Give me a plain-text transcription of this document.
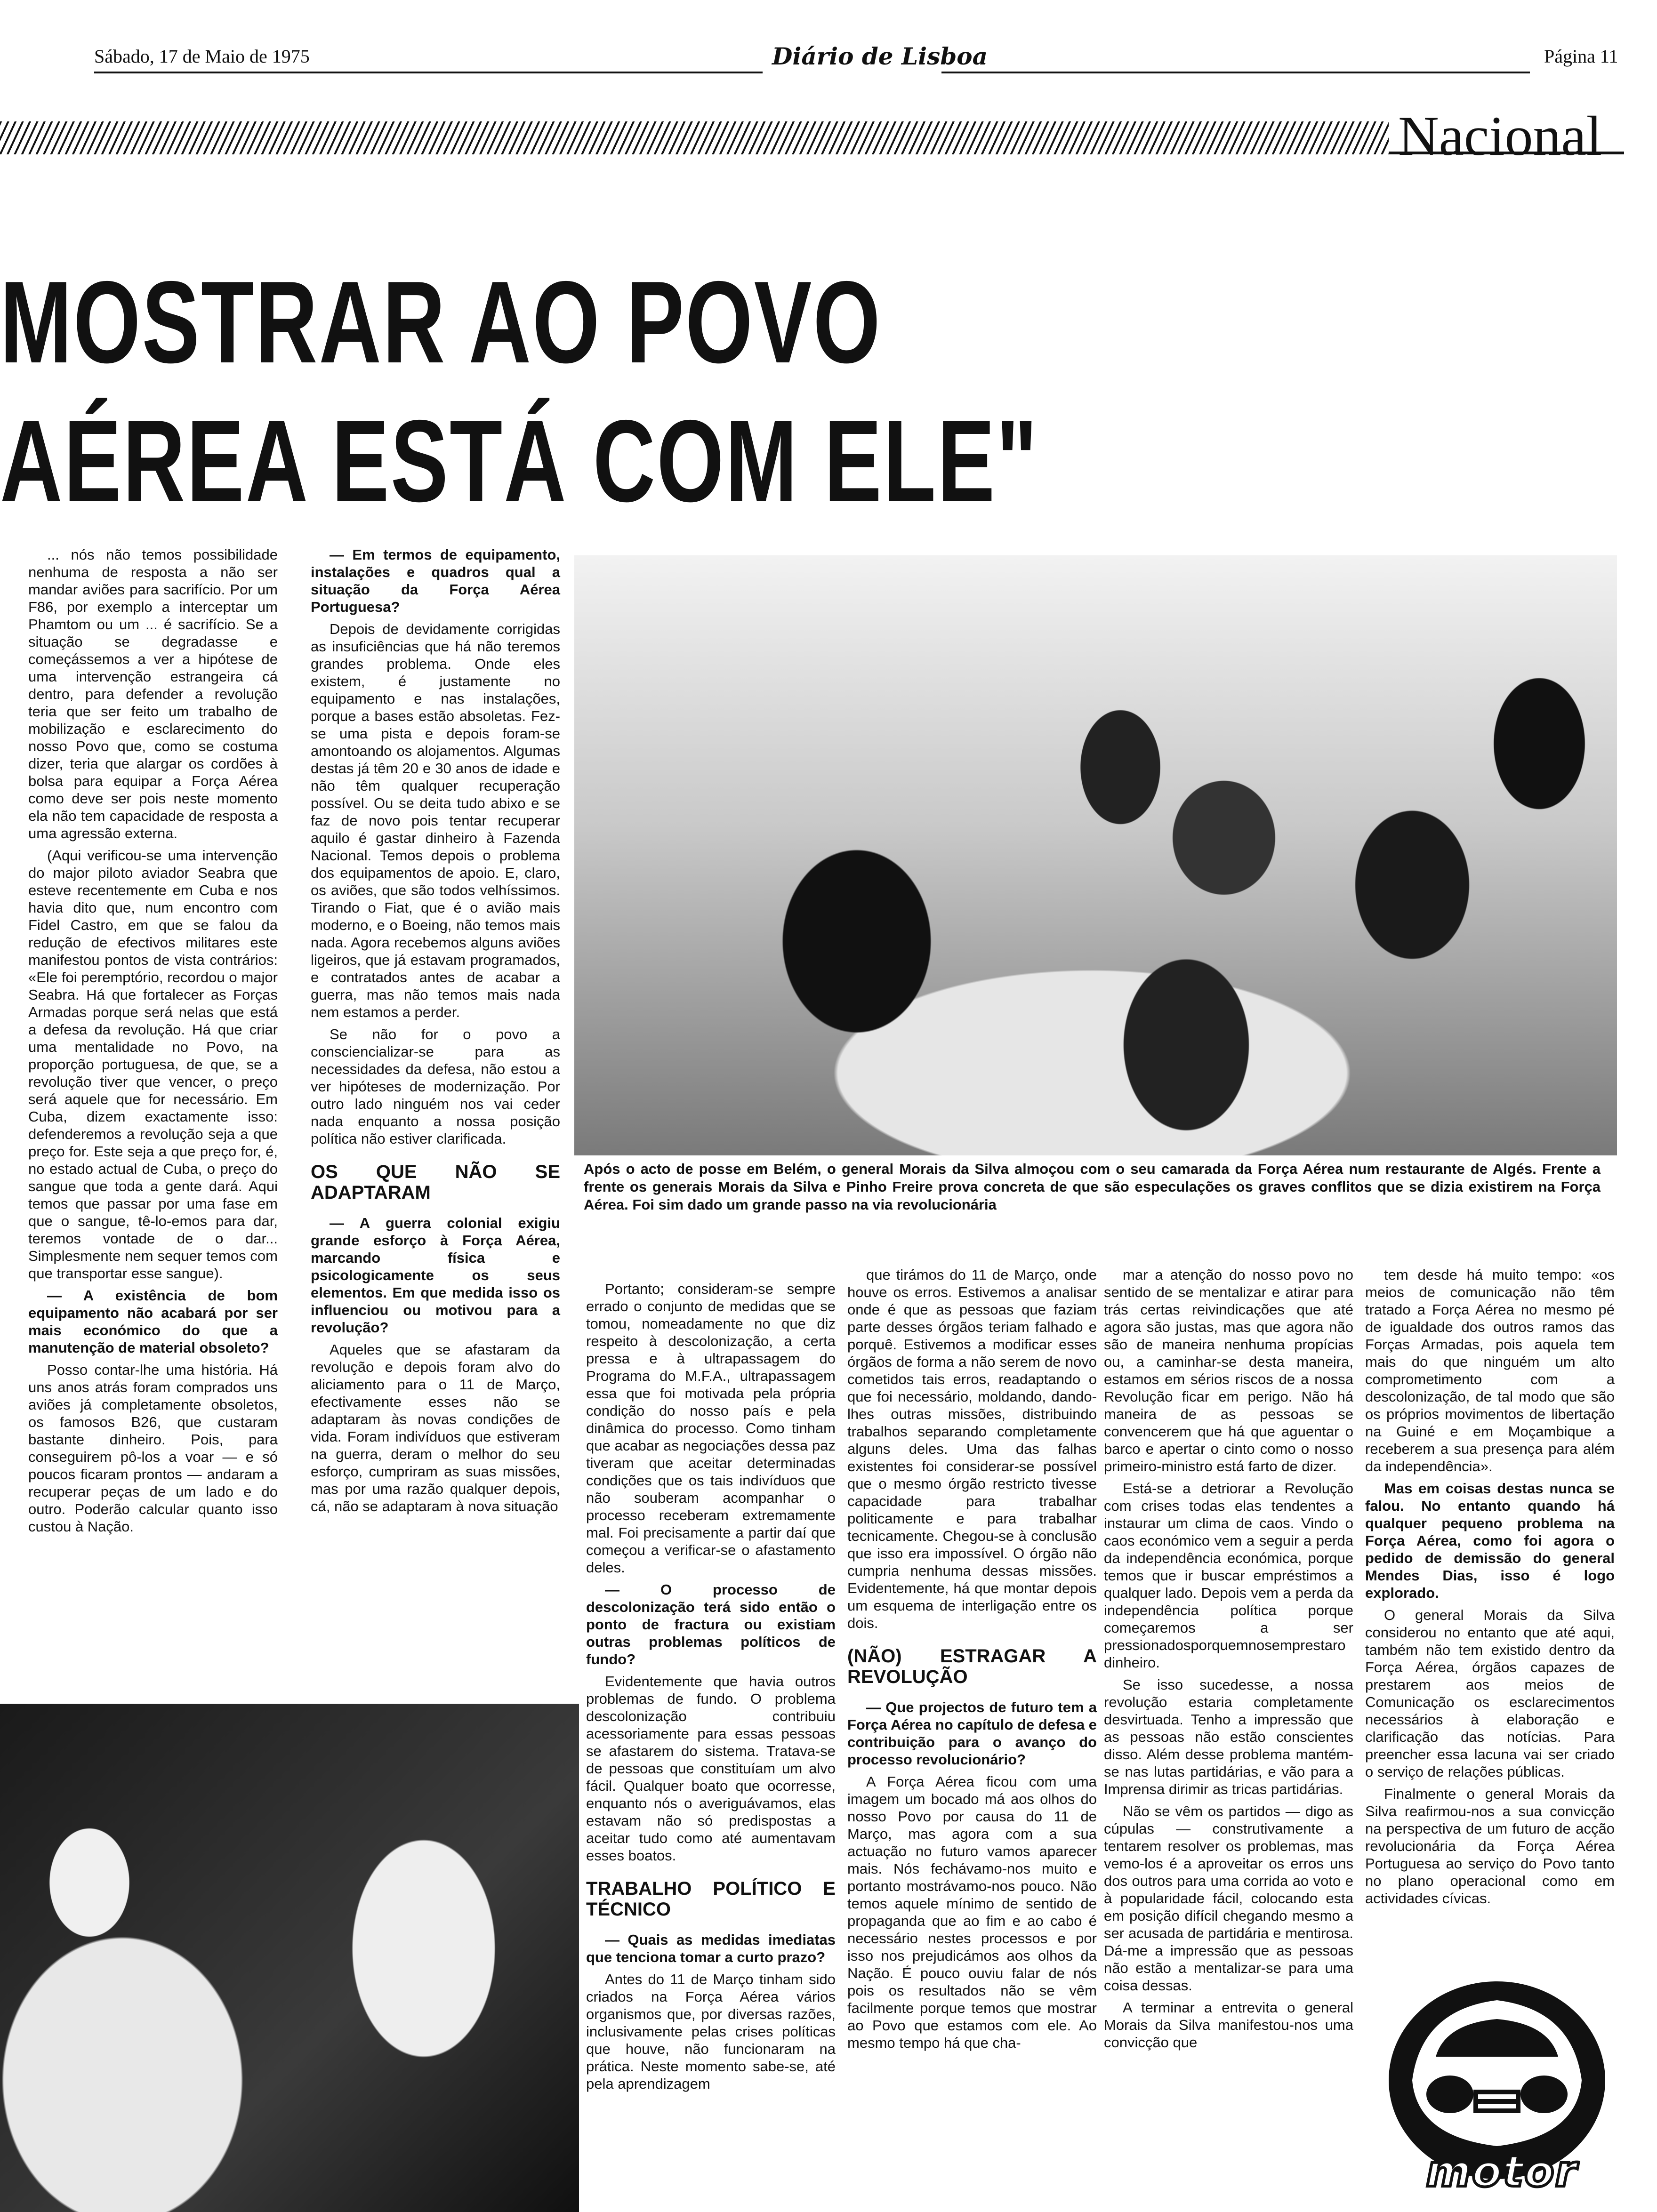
Sábado, 17 de Maio de 1975	Diário de Lisboa	Página 11
Nacional
MOSTRAR AO POVO
AÉREA ESTÁ COM ELE"

... nós não temos possibilidade nenhuma de resposta a não ser mandar aviões para sacrifício. Por um F86, por exemplo a interceptar um Phamtom ou um ... é sacrifício. Se a situação se degradasse e começássemos a ver a hipótese de uma intervenção estrangeira cá dentro, para defender a revolução teria que ser feito um trabalho de mobilização e esclarecimento do nosso Povo que, como se costuma dizer, teria que alargar os cordões à bolsa para equipar a Força Aérea como deve ser pois neste momento ela não tem capacidade de resposta a uma agressão externa.

(Aqui verificou-se uma intervenção do major piloto aviador Seabra que esteve recentemente em Cuba e nos havia dito que, num encontro com Fidel Castro, em que se falou da redução de efectivos militares este manifestou pontos de vista contrários: «Ele foi peremptório, recordou o major Seabra. Há que fortalecer as Forças Armadas porque será nelas que está a defesa da revolução. Há que criar uma mentalidade no Povo, na proporção portuguesa, de que, se a revolução tiver que vencer, o preço será aquele que for necessário. Em Cuba, dizem exactamente isso: defenderemos a revolução seja a que preço for. Este seja a que preço for, é, no estado actual de Cuba, o preço do sangue que toda a gente dará. Aqui temos que passar por uma fase em que o sangue, tê-lo-emos para dar, teremos vontade de o dar... Simplesmente nem sequer temos com que transportar esse sangue).

— A existência de bom equipamento não acabará por ser mais económico do que a manutenção de material obsoleto?

Posso contar-lhe uma história. Há uns anos atrás foram comprados uns aviões já completamente obsoletos, os famosos B26, que custaram bastante dinheiro. Pois, para conseguirem pô-los a voar — e só poucos ficaram prontos — andaram a recuperar peças de um lado e do outro. Poderão calcular quanto isso custou à Nação.

— Em termos de equipamento, instalações e quadros qual a situação da Força Aérea Portuguesa?

Depois de devidamente corrigidas as insuficiências que há não teremos grandes problema. Onde eles existem, é justamente no equipamento e nas instalações, porque a bases estão absoletas. Fez-se uma pista e depois foram-se amontoando os alojamentos. Algumas destas já têm 20 e 30 anos de idade e não têm qualquer recuperação possível. Ou se deita tudo abixo e se faz de novo pois tentar recuperar aquilo é gastar dinheiro à Fazenda Nacional. Temos depois o problema dos equipamentos de apoio. E, claro, os aviões, que são todos velhíssimos. Tirando o Fiat, que é o avião mais moderno, e o Boeing, não temos mais nada. Agora recebemos alguns aviões ligeiros, que já estavam programados, e contratados antes de acabar a guerra, mas não temos mais nada nem estamos a perder.

Se não for o povo a consciencializar-se para as necessidades da defesa, não estou a ver hipóteses de modernização. Por outro lado ninguém nos vai ceder nada enquanto a nossa posição política não estiver clarificada.

OS QUE NÃO SE ADAPTARAM

— A guerra colonial exigiu grande esforço à Força Aérea, marcando física e psicologicamente os seus elementos. Em que medida isso os influenciou ou motivou para a revolução?

Aqueles que se afastaram da revolução e depois foram alvo do aliciamento para o 11 de Março, efectivamente esses não se adaptaram às novas condições de vida. Foram indivíduos que estiveram na guerra, deram o melhor do seu esforço, cumpriram as suas missões, mas por uma razão qualquer depois, cá, não se adaptaram à nova situação

Após o acto de posse em Belém, o general Morais da Silva almoçou com o seu camarada da Força Aérea num restaurante de Algés. Frente a frente os generais Morais da Silva e Pinho Freire prova concreta de que são especulações os graves conflitos que se dizia existirem na Força Aérea. Foi sim dado um grande passo na via revolucionária

Portanto; consideram-se sempre errado o conjunto de medidas que se tomou, nomeadamente no que diz respeito à descolonização, a certa pressa e à ultrapassagem do Programa do M.F.A., ultrapassagem essa que foi motivada pela própria condição do nosso país e pela dinâmica do processo. Como tinham que acabar as negociações dessa paz tiveram que aceitar determinadas condições que os tais indivíduos que não souberam acompanhar o processo receberam extremamente mal. Foi precisamente a partir daí que começou a verificar-se o afastamento deles.

— O processo de descolonização terá sido então o ponto de fractura ou existiam outras problemas políticos de fundo?

Evidentemente que havia outros problemas de fundo. O problema descolonização contribuiu acessoriamente para essas pessoas se afastarem do sistema. Tratava-se de pessoas que constituíam um alvo fácil. Qualquer boato que ocorresse, enquanto nós o averiguávamos, elas estavam não só predispostas a aceitar tudo como até aumentavam esses boatos.

TRABALHO POLÍTICO E TÉCNICO

— Quais as medidas imediatas que tenciona tomar a curto prazo?

Antes do 11 de Março tinham sido criados na Força Aérea vários organismos que, por diversas razões, inclusivamente pelas crises políticas que houve, não funcionaram na prática. Neste momento sabe-se, até pela aprendizagem

que tirámos do 11 de Março, onde houve os erros. Estivemos a analisar onde é que as pessoas que faziam parte desses órgãos teriam falhado e porquê. Estivemos a modificar esses órgãos de forma a não serem de novo cometidos tais erros, readaptando o que foi necessário, moldando, dando-lhes outras missões, distribuindo trabalhos separando completamente alguns deles. Uma das falhas existentes foi considerar-se possível que o mesmo órgão restricto tivesse capacidade para trabalhar politicamente e para trabalhar tecnicamente. Chegou-se à conclusão que isso era impossível. O órgão não cumpria nenhuma dessas missões. Evidentemente, há que montar depois um esquema de interligação entre os dois.

(NÃO) ESTRAGAR A REVOLUÇÃO

— Que projectos de futuro tem a Força Aérea no capítulo de defesa e contribuição para o avanço do processo revolucionário?

A Força Aérea ficou com uma imagem um bocado má aos olhos do nosso Povo por causa do 11 de Março, mas agora com a sua actuação no futuro vamos aparecer mais. Nós fechávamo-nos muito e portanto mostrávamo-nos pouco. Não temos aquele mínimo de sentido de propaganda que ao fim e ao cabo é necessário nestes processos e por isso nos prejudicámos aos olhos da Nação. É pouco ouviu falar de nós pois os resultados não se vêm facilmente porque temos que mostrar ao Povo que estamos com ele. Ao mesmo tempo há que cha-

mar a atenção do nosso povo no sentido de se mentalizar e atirar para trás certas reivindicações que até agora são justas, mas que agora não são de maneira nenhuma propícias ou, a caminhar-se desta maneira, estamos em sérios riscos de a nossa Revolução ficar em perigo. Não há maneira de as pessoas se convencerem que há que aguentar o barco e apertar o cinto como o nosso primeiro-ministro está farto de dizer.

Está-se a detriorar a Revolução com crises todas elas tendentes a instaurar um clima de caos. Vindo o caos económico vem a seguir a perda da independência económica, porque temos que ir buscar empréstimos a qualquer lado. Depois vem a perda da independência política porque começaremos a ser pressionadosporquemnosemprestaro dinheiro.

Se isso sucedesse, a nossa revolução estaria completamente desvirtuada. Tenho a impressão que as pessoas não estão conscientes disso. Além desse problema mantém-se nas lutas partidárias, e vão para a Imprensa dirimir as tricas partidárias.

Não se vêm os partidos — digo as cúpulas — construtivamente a tentarem resolver os problemas, mas vemo-los é a aproveitar os erros uns dos outros para uma corrida ao voto e à popularidade fácil, colocando esta em posição difícil chegando mesmo a ser acusada de partidária e mentirosa. Dá-me a impressão que as pessoas não estão a mentalizar-se para uma coisa dessas.

A terminar a entrevita o general Morais da Silva manifestou-nos uma convicção que

tem desde há muito tempo: «os meios de comunicação não têm tratado a Força Aérea no mesmo pé de igualdade dos outros ramos das Forças Armadas, pois aquela tem mais do que ninguém um alto comprometimento com a descolonização, de tal modo que são os próprios movimentos de libertação na Guiné e em Moçambique a receberem a sua presença para além da independência».

Mas em coisas destas nunca se falou. No entanto quando há qualquer pequeno problema na Força Aérea, como foi agora o pedido de demissão do general Mendes Dias, isso é logo explorado.

O general Morais da Silva considerou no entanto que até aqui, também não tem existido dentro da Força Aérea, órgãos capazes de prestarem aos meios de Comunicação os esclarecimentos necessários à elaboração e clarificação das notícias. Para preencher essa lacuna vai ser criado o serviço de relações públicas.

Finalmente o general Morais da Silva reafirmou-nos a sua convicção na perspectiva de um futuro de acção revolucionária da Força Aérea Portuguesa ao serviço do Povo tanto no plano operacional como em actividades cívicas.

motor
